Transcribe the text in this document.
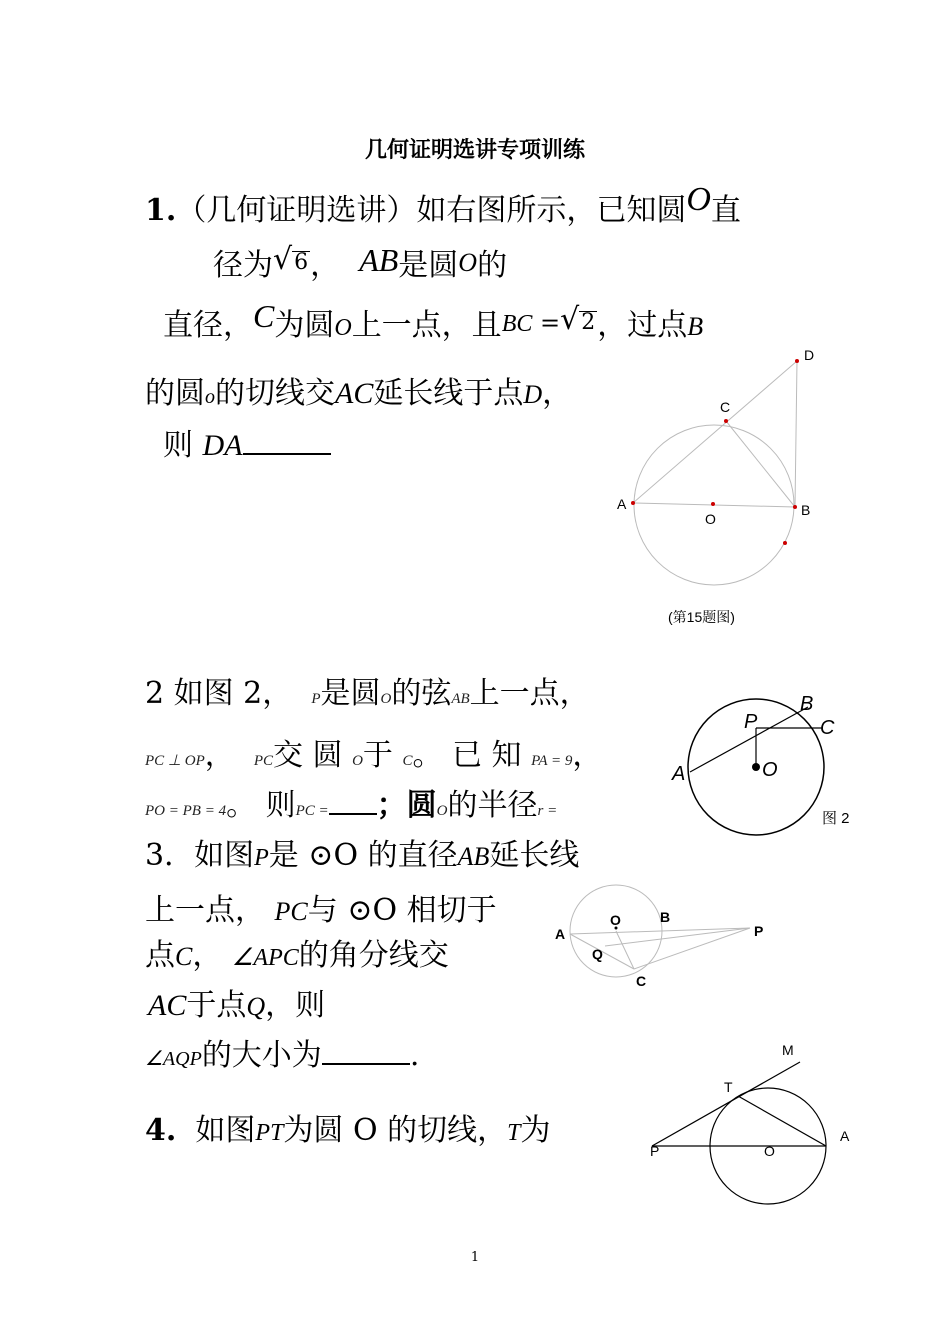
几何证明选讲专项训练
1.（几何证明选讲）如右图所示，已知圆O直
径为√6， AB是圆O的
直径，C为圆O上一点，且BC =√2，过点B
的圆o的切线交AC延长线于点D，
则 DA
A	B
C
D
O
(第15题图)
2 如图 2， P是圆O的弦AB上一点，
PC ⊥ OP， PC交 圆 O于 C。 已 知 PA = 9，
PO = PB = 4。 则PC = ；圆O的半径r =
A
B
C
P
O
图 2
3．如图P是 ⊙O 的直径AB延长线
上一点， PC与 ⊙O 相切于
点C， ∠APC的角分线交
AC于点Q，则
∠AQP的大小为	.
A
O	B
P
Q
C
4. 如图PT为圆 O 的切线，T为
M
T
P	O
A
1
